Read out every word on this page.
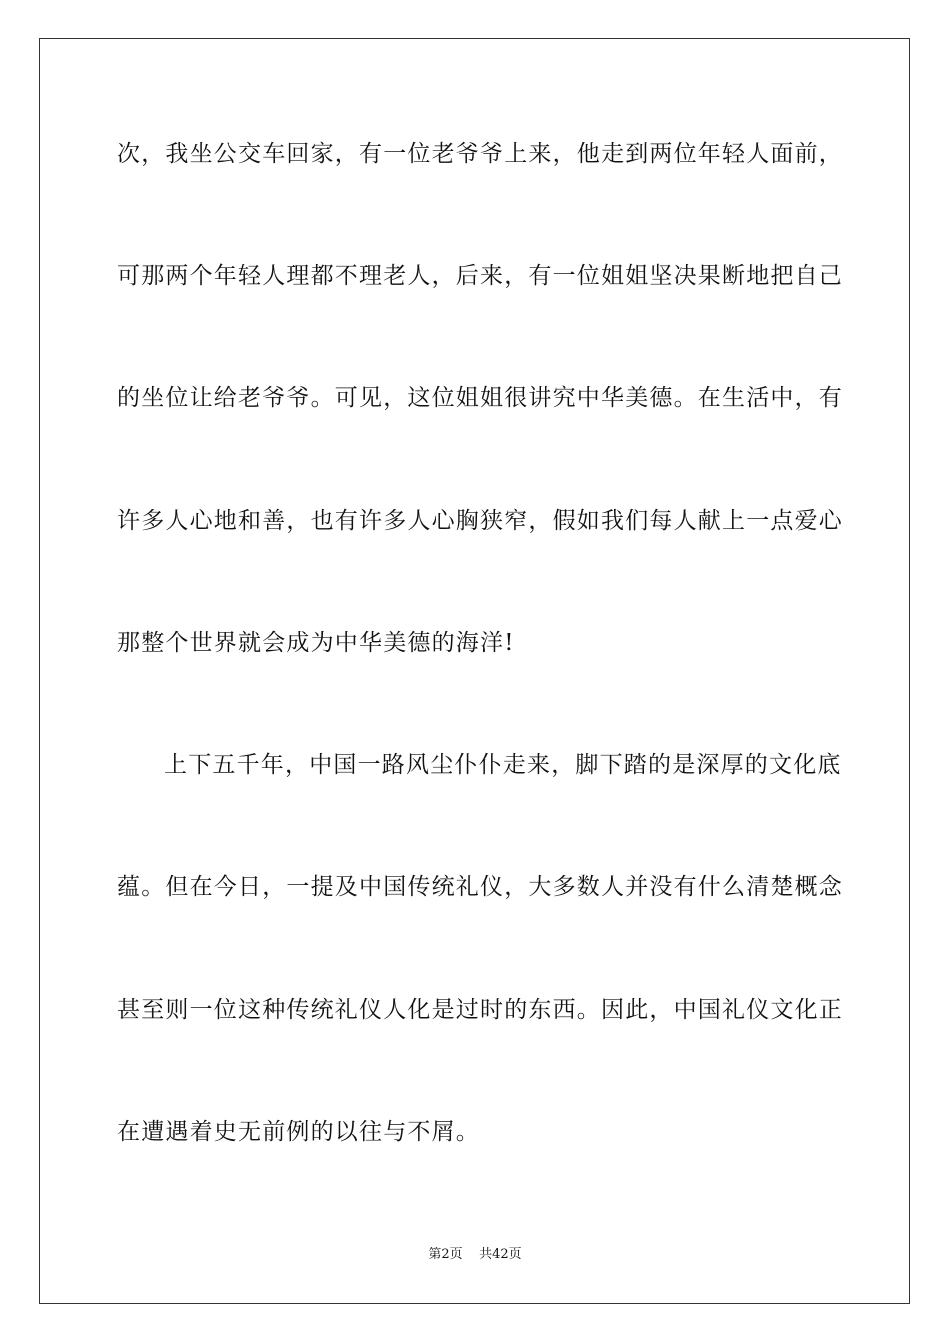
次，我坐公交车回家，有一位老爷爷上来，他走到两位年轻人面前，
可那两个年轻人理都不理老人，后来，有一位姐姐坚决果断地把自己
的坐位让给老爷爷。可见，这位姐姐很讲究中华美德。在生活中，有
许多人心地和善，也有许多人心胸狭窄，假如我们每人献上一点爱心
那整个世界就会成为中华美德的海洋!
上下五千年，中国一路风尘仆仆走来，脚下踏的是深厚的文化底
蕴。但在今日，一提及中国传统礼仪，大多数人并没有什么清楚概念
甚至则一位这种传统礼仪人化是过时的东西。因此，中国礼仪文化正
在遭遇着史无前例的以往与不屑。
第2页 共42页
